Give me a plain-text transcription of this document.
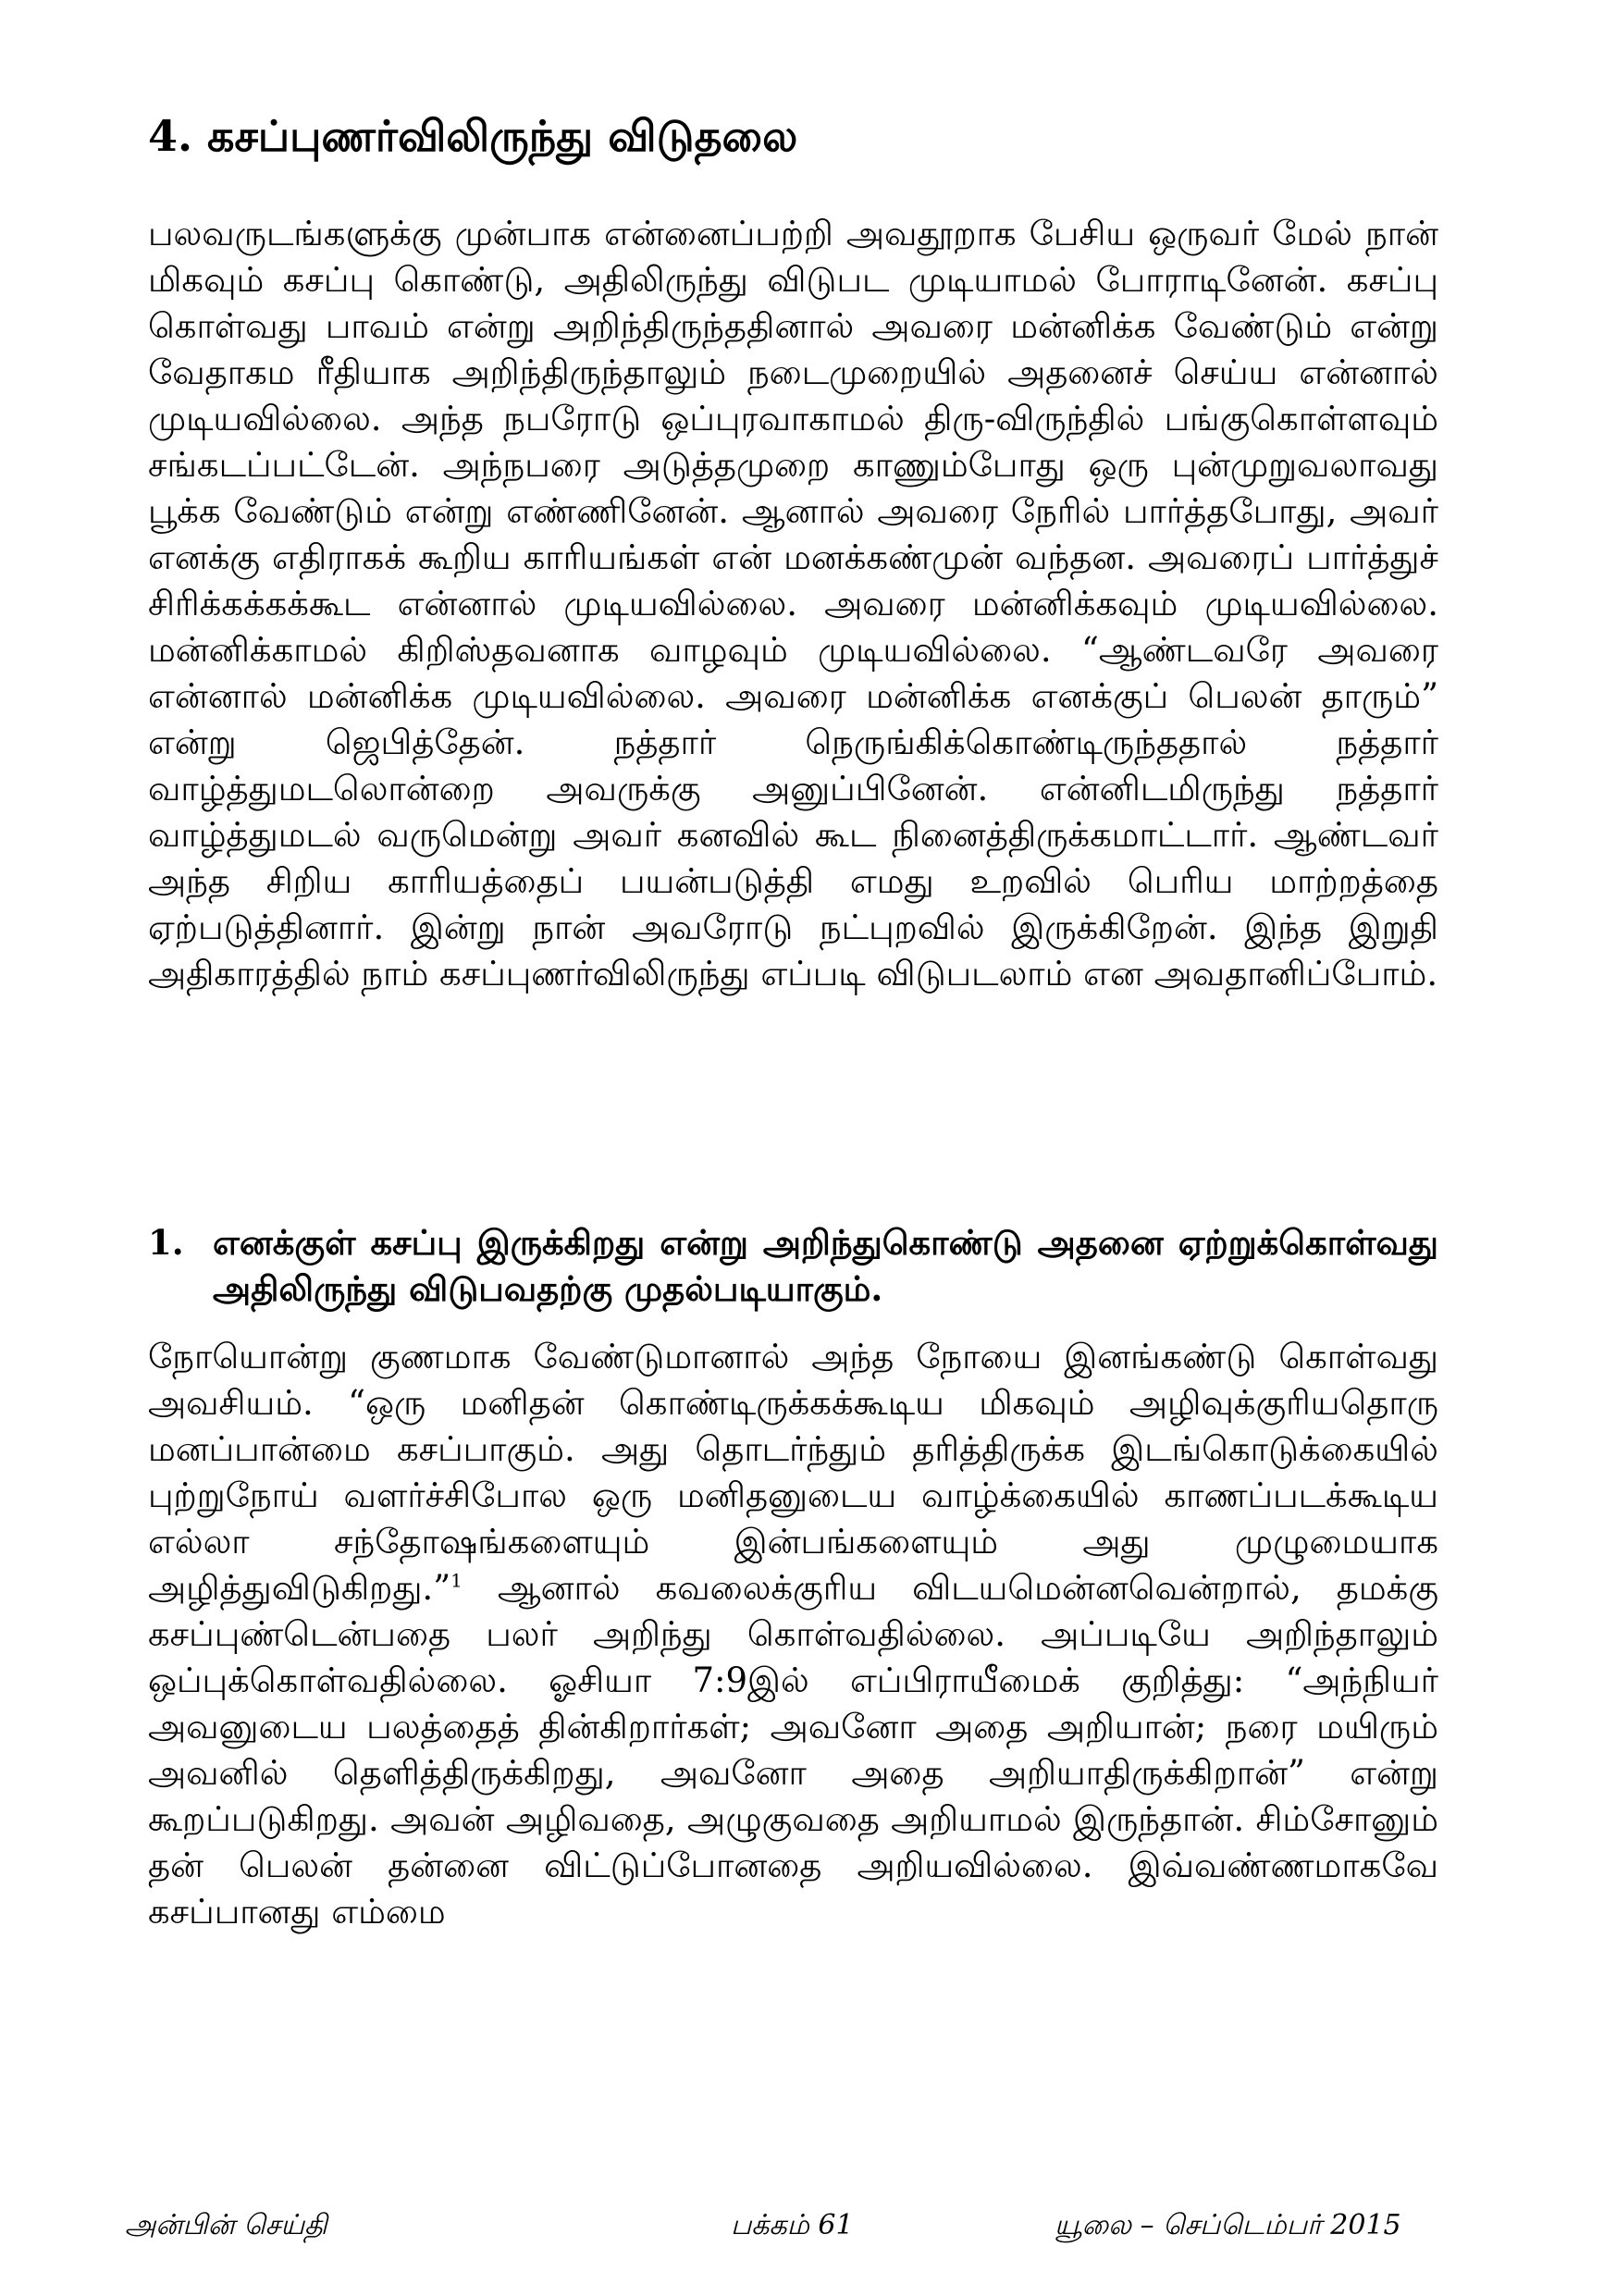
4. கசப்புணர்விலிருந்து விடுதலை
பலவருடங்களுக்கு முன்பாக என்னைப்பற்றி அவதூறாக பேசிய ஒருவர் மேல் நான் மிகவும் கசப்பு கொண்டு, அதிலிருந்து விடுபட முடியாமல் போராடினேன். கசப்பு கொள்வது பாவம் என்று அறிந்திருந்ததினால் அவரை மன்னிக்க வேண்டும் என்று வேதாகம ரீதியாக அறிந்திருந்தாலும் நடைமுறையில் அதனைச் செய்ய என்னால் முடியவில்லை. அந்த நபரோடு ஒப்புரவாகாமல் திரு-விருந்தில் பங்குகொள்ளவும் சங்கடப்பட்டேன். அந்நபரை அடுத்தமுறை காணும்போது ஒரு புன்முறுவலாவது பூக்க வேண்டும் என்று எண்ணினேன். ஆனால் அவரை நேரில் பார்த்தபோது, அவர் எனக்கு எதிராகக் கூறிய காரியங்கள் என் மனக்கண்முன் வந்தன. அவரைப் பார்த்துச் சிரிக்கக்கக்கூட என்னால் முடியவில்லை. அவரை மன்னிக்கவும் முடியவில்லை. மன்னிக்காமல் கிறிஸ்தவனாக வாழவும் முடியவில்லை. “ஆண்டவரே அவரை என்னால் மன்னிக்க முடியவில்லை. அவரை மன்னிக்க எனக்குப் பெலன் தாரும்” என்று ஜெபித்தேன். நத்தார் நெருங்கிக்கொண்டிருந்ததால் நத்தார் வாழ்த்துமடலொன்றை அவருக்கு அனுப்பினேன். என்னிடமிருந்து நத்தார் வாழ்த்துமடல் வருமென்று அவர் கனவில் கூட நினைத்திருக்கமாட்டார். ஆண்டவர் அந்த சிறிய காரியத்தைப் பயன்படுத்தி எமது உறவில் பெரிய மாற்றத்தை ஏற்படுத்தினார். இன்று நான் அவரோடு நட்புறவில் இருக்கிறேன். இந்த இறுதி அதிகாரத்தில் நாம் கசப்புணர்விலிருந்து எப்படி விடுபடலாம் என அவதானிப்போம்.
1. எனக்குள் கசப்பு இருக்கிறது என்று அறிந்துகொண்டு அதனை ஏற்றுக்கொள்வது அதிலிருந்து விடுபவதற்கு முதல்படியாகும்.
நோயொன்று குணமாக வேண்டுமானால் அந்த நோயை இனங்கண்டு கொள்வது அவசியம். “ஒரு மனிதன் கொண்டிருக்கக்கூடிய மிகவும் அழிவுக்குரியதொரு மனப்பான்மை கசப்பாகும். அது தொடர்ந்தும் தரித்திருக்க இடங்கொடுக்கையில் புற்றுநோய் வளர்ச்சிபோல ஒரு மனிதனுடைய வாழ்க்கையில் காணப்படக்கூடிய எல்லா சந்தோஷங்களையும் இன்பங்களையும் அது முழுமையாக அழித்துவிடுகிறது.”$^1$ ஆனால் கவலைக்குரிய விடயமென்னவென்றால், தமக்கு கசப்புண்டென்பதை பலர் அறிந்து கொள்வதில்லை. அப்படியே அறிந்தாலும் ஒப்புக்கொள்வதில்லை. ஓசியா 7:9இல் எப்பிராயீமைக் குறித்து: “அந்நியர் அவனுடைய பலத்தைத் தின்கிறார்கள்; அவனோ அதை அறியான்; நரை மயிரும் அவனில் தெளித்திருக்கிறது, அவனோ அதை அறியாதிருக்கிறான்” என்று கூறப்படுகிறது. அவன் அழிவதை, அழுகுவதை அறியாமல் இருந்தான். சிம்சோனும் தன் பெலன் தன்னை விட்டுப்போனதை அறியவில்லை. இவ்வண்ணமாகவே கசப்பானது எம்மை
அன்பின் செய்தி	பக்கம் 61	யூலை – செப்டெம்பர் 2015
